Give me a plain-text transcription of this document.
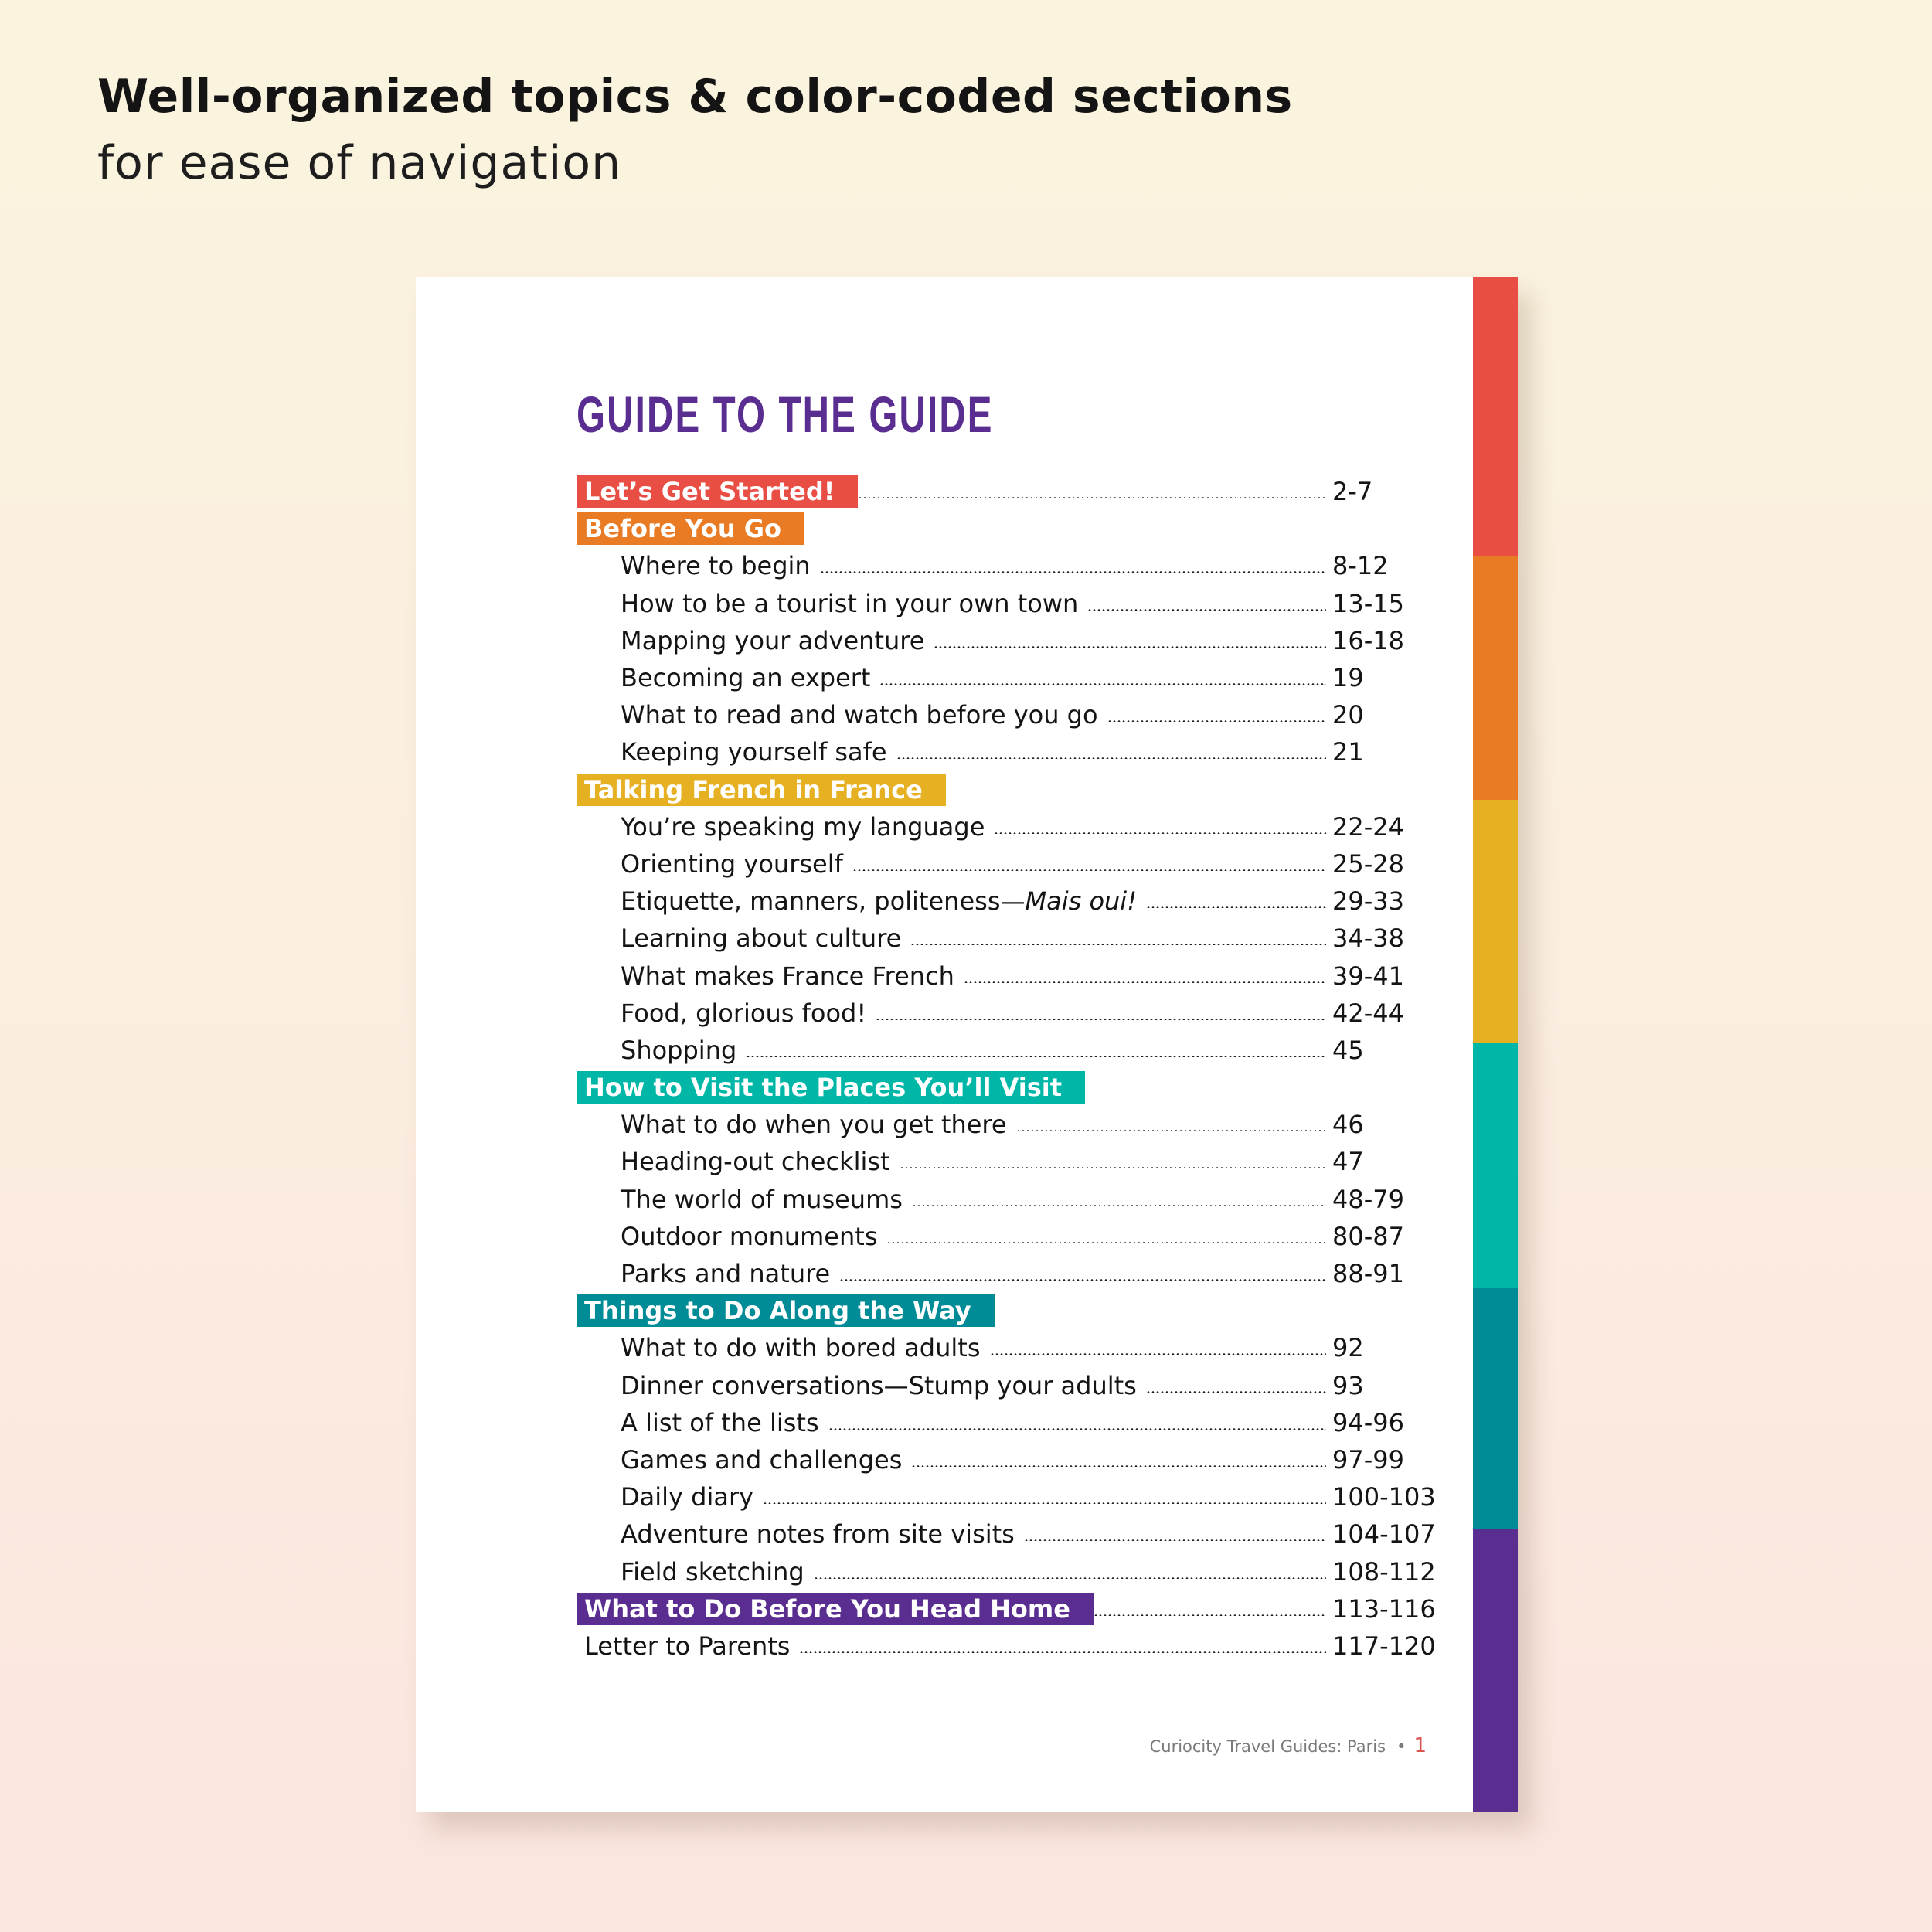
Well-organized topics & color-coded sections
for ease of navigation
GUIDE TO THE GUIDE
Let’s Get Started!	2-7
Before You Go
Where to begin	8-12
How to be a tourist in your own town	13-15
Mapping your adventure	16-18
Becoming an expert	19
What to read and watch before you go	20
Keeping yourself safe	21
Talking French in France
You’re speaking my language	22-24
Orienting yourself	25-28
Etiquette, manners, politeness—Mais oui!	29-33
Learning about culture	34-38
What makes France French	39-41
Food, glorious food!	42-44
Shopping	45
How to Visit the Places You’ll Visit
What to do when you get there	46
Heading-out checklist	47
The world of museums	48-79
Outdoor monuments	80-87
Parks and nature	88-91
Things to Do Along the Way
What to do with bored adults	92
Dinner conversations—Stump your adults	93
A list of the lists	94-96
Games and challenges	97-99
Daily diary	100-103
Adventure notes from site visits	104-107
Field sketching	108-112
What to Do Before You Head Home	113-116
Letter to Parents	117-120
Curiocity Travel Guides: Paris • 1
